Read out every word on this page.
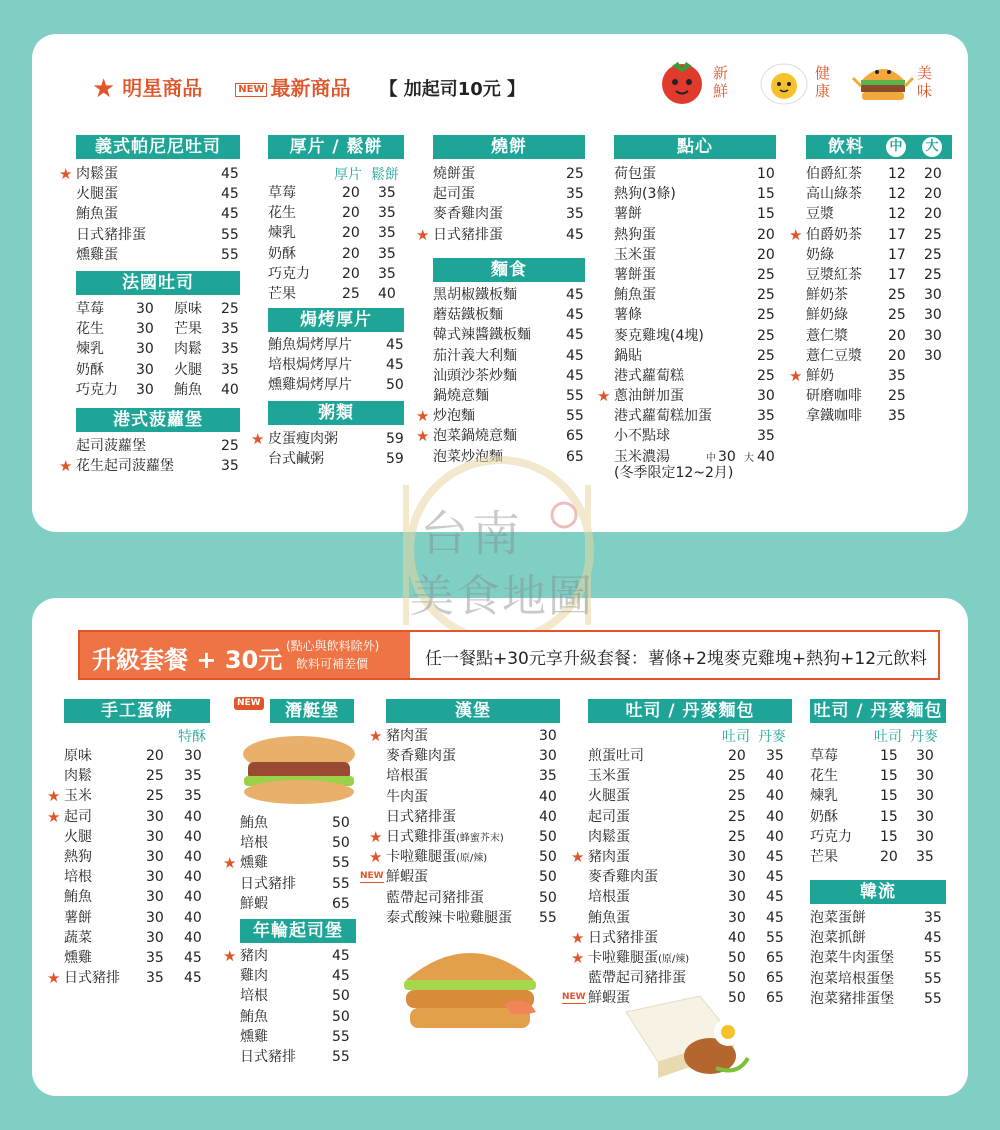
★ 明星商品	NEW 最新商品 【 加起司10元 】
新鮮
健康
美味
義式帕尼尼吐司
★ 肉鬆蛋	45
火腿蛋	45
鮪魚蛋	45
日式豬排蛋	55
燻雞蛋	55
法國吐司
草莓 30 原味 25
花生 30 芒果 35
煉乳 30 肉鬆 35
奶酥 30 火腿 35
巧克力 30 鮪魚 40
港式菠蘿堡
起司菠蘿堡	25
★ 花生起司菠蘿堡	35
厚片 / 鬆餅
厚片 鬆餅
草莓	20 35
花生	20 35
煉乳	20 35
奶酥	20 35
巧克力 20 35
芒果	25 40
焗烤厚片
鮪魚焗烤厚片 45
培根焗烤厚片 45
燻雞焗烤厚片 50
粥類
★ 皮蛋瘦肉粥	59
台式鹹粥	59
燒餅
燒餅蛋	25
起司蛋	35
麥香雞肉蛋	35
★ 日式豬排蛋	45
麵食
黑胡椒鐵板麵	45
蘑菇鐵板麵	45
韓式辣醬鐵板麵	45
茄汁義大利麵	45
汕頭沙茶炒麵	45
鍋燒意麵	55
★ 炒泡麵	55
★ 泡菜鍋燒意麵	65
泡菜炒泡麵	65
點心
荷包蛋	10
熱狗(3條)	15
薯餅	15
熱狗蛋	20
玉米蛋	20
薯餅蛋	25
鮪魚蛋	25
薯條	25
麥克雞塊(4塊)	25
鍋貼	25
港式蘿蔔糕	25
★ 蔥油餅加蛋	30
港式蘿蔔糕加蛋	35
小不點球	35
玉米濃湯	中 30 大 40
(冬季限定12~2月)
飲料	中 大
伯爵紅茶 12 20
高山綠茶 12 20
豆漿	12 20
★ 伯爵奶茶 17 25
奶綠	17 25
豆漿紅茶 17 25
鮮奶茶	25 30
鮮奶綠	25 30
薏仁漿	20 30
薏仁豆漿 20 30
★ 鮮奶	35
研磨咖啡 25
拿鐵咖啡 35
台南
美食地圖
升級套餐 + 30元 (點心與飲料除外)
飲料可補差價	任一餐點+30元享升級套餐：薯條+2塊麥克雞塊+熱狗+12元飲料
手工蛋餅
特酥
原味	20 30
肉鬆	25 35
★ 玉米	25 35
★ 起司	30 40
火腿	30 40
熱狗	30 40
培根	30 40
鮪魚	30 40
薯餅	30 40
蔬菜	30 40
燻雞	35 45
★ 日式豬排 35 45
NEW	潛艇堡
鮪魚	50
培根	50
★ 燻雞	55
日式豬排	55
鮮蝦	65
年輪起司堡
★ 豬肉	45
雞肉	45
培根	50
鮪魚	50
燻雞	55
日式豬排	55
漢堡
★ 豬肉蛋	30
麥香雞肉蛋	30
培根蛋	35
牛肉蛋	40
日式豬排蛋	40
★ 日式雞排蛋(蜂蜜芥末)	50
★ 卡啦雞腿蛋(原/辣)	50
NEW 鮮蝦蛋	50
藍帶起司豬排蛋	50
泰式酸辣卡啦雞腿蛋 55
吐司 / 丹麥麵包
吐司 丹麥
煎蛋吐司	20 35
玉米蛋	25 40
火腿蛋	25 40
起司蛋	25 40
肉鬆蛋	25 40
★ 豬肉蛋	30 45
麥香雞肉蛋	30 45
培根蛋	30 45
鮪魚蛋	30 45
★ 日式豬排蛋	40 55
★ 卡啦雞腿蛋(原/辣)	50 65
藍帶起司豬排蛋	50 65
NEW 鮮蝦蛋	50 65
吐司 / 丹麥麵包
吐司 丹麥
草莓	15 30
花生	15 30
煉乳	15 30
奶酥	15 30
巧克力 15 30
芒果	20 35
韓流
泡菜蛋餅	35
泡菜抓餅	45
泡菜牛肉蛋堡 55
泡菜培根蛋堡 55
泡菜豬排蛋堡 55
